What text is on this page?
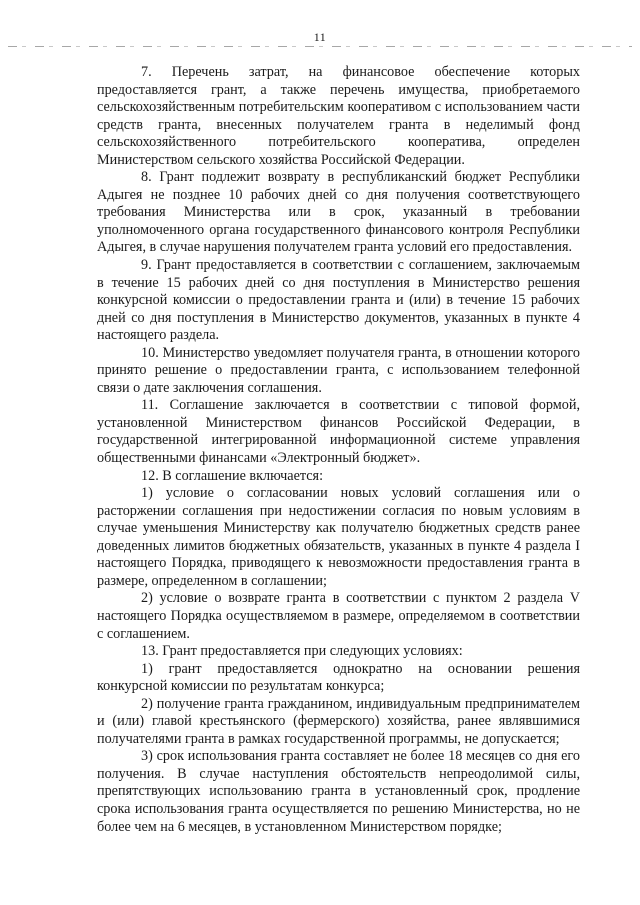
11

7. Перечень затрат, на финансовое обеспечение которых предоставляется грант, а также перечень имущества, приобретаемого сельскохозяйственным потребительским кооперативом с использованием части средств гранта, внесенных получателем гранта в неделимый фонд сельскохозяйственного потребительского кооператива, определен Министерством сельского хозяйства Российской Федерации.

8. Грант подлежит возврату в республиканский бюджет Республики Адыгея не позднее 10 рабочих дней со дня получения соответствующего требования Министерства или в срок, указанный в требовании уполномоченного органа государственного финансового контроля Республики Адыгея, в случае нарушения получателем гранта условий его предоставления.

9. Грант предоставляется в соответствии с соглашением, заключаемым в течение 15 рабочих дней со дня поступления в Министерство решения конкурсной комиссии о предоставлении гранта и (или) в течение 15 рабочих дней со дня поступления в Министерство документов, указанных в пункте 4 настоящего раздела.

10. Министерство уведомляет получателя гранта, в отношении которого принято решение о предоставлении гранта, с использованием телефонной связи о дате заключения соглашения.

11. Соглашение заключается в соответствии с типовой формой, установленной Министерством финансов Российской Федерации, в государственной интегрированной информационной системе управления общественными финансами «Электронный бюджет».

12. В соглашение включается:

1) условие о согласовании новых условий соглашения или о расторжении соглашения при недостижении согласия по новым условиям в случае уменьшения Министерству как получателю бюджетных средств ранее доведенных лимитов бюджетных обязательств, указанных в пункте 4 раздела I настоящего Порядка, приводящего к невозможности предоставления гранта в размере, определенном в соглашении;

2) условие о возврате гранта в соответствии с пунктом 2 раздела V настоящего Порядка осуществляемом в размере, определяемом в соответствии с соглашением.

13. Грант предоставляется при следующих условиях:

1) грант предоставляется однократно на основании решения конкурсной комиссии по результатам конкурса;

2) получение гранта гражданином, индивидуальным предпринимателем и (или) главой крестьянского (фермерского) хозяйства, ранее являвшимися получателями гранта в рамках государственной программы, не допускается;

3) срок использования гранта составляет не более 18 месяцев со дня его получения. В случае наступления обстоятельств непреодолимой силы, препятствующих использованию гранта в установленный срок, продление срока использования гранта осуществляется по решению Министерства, но не более чем на 6 месяцев, в установленном Министерством порядке;
